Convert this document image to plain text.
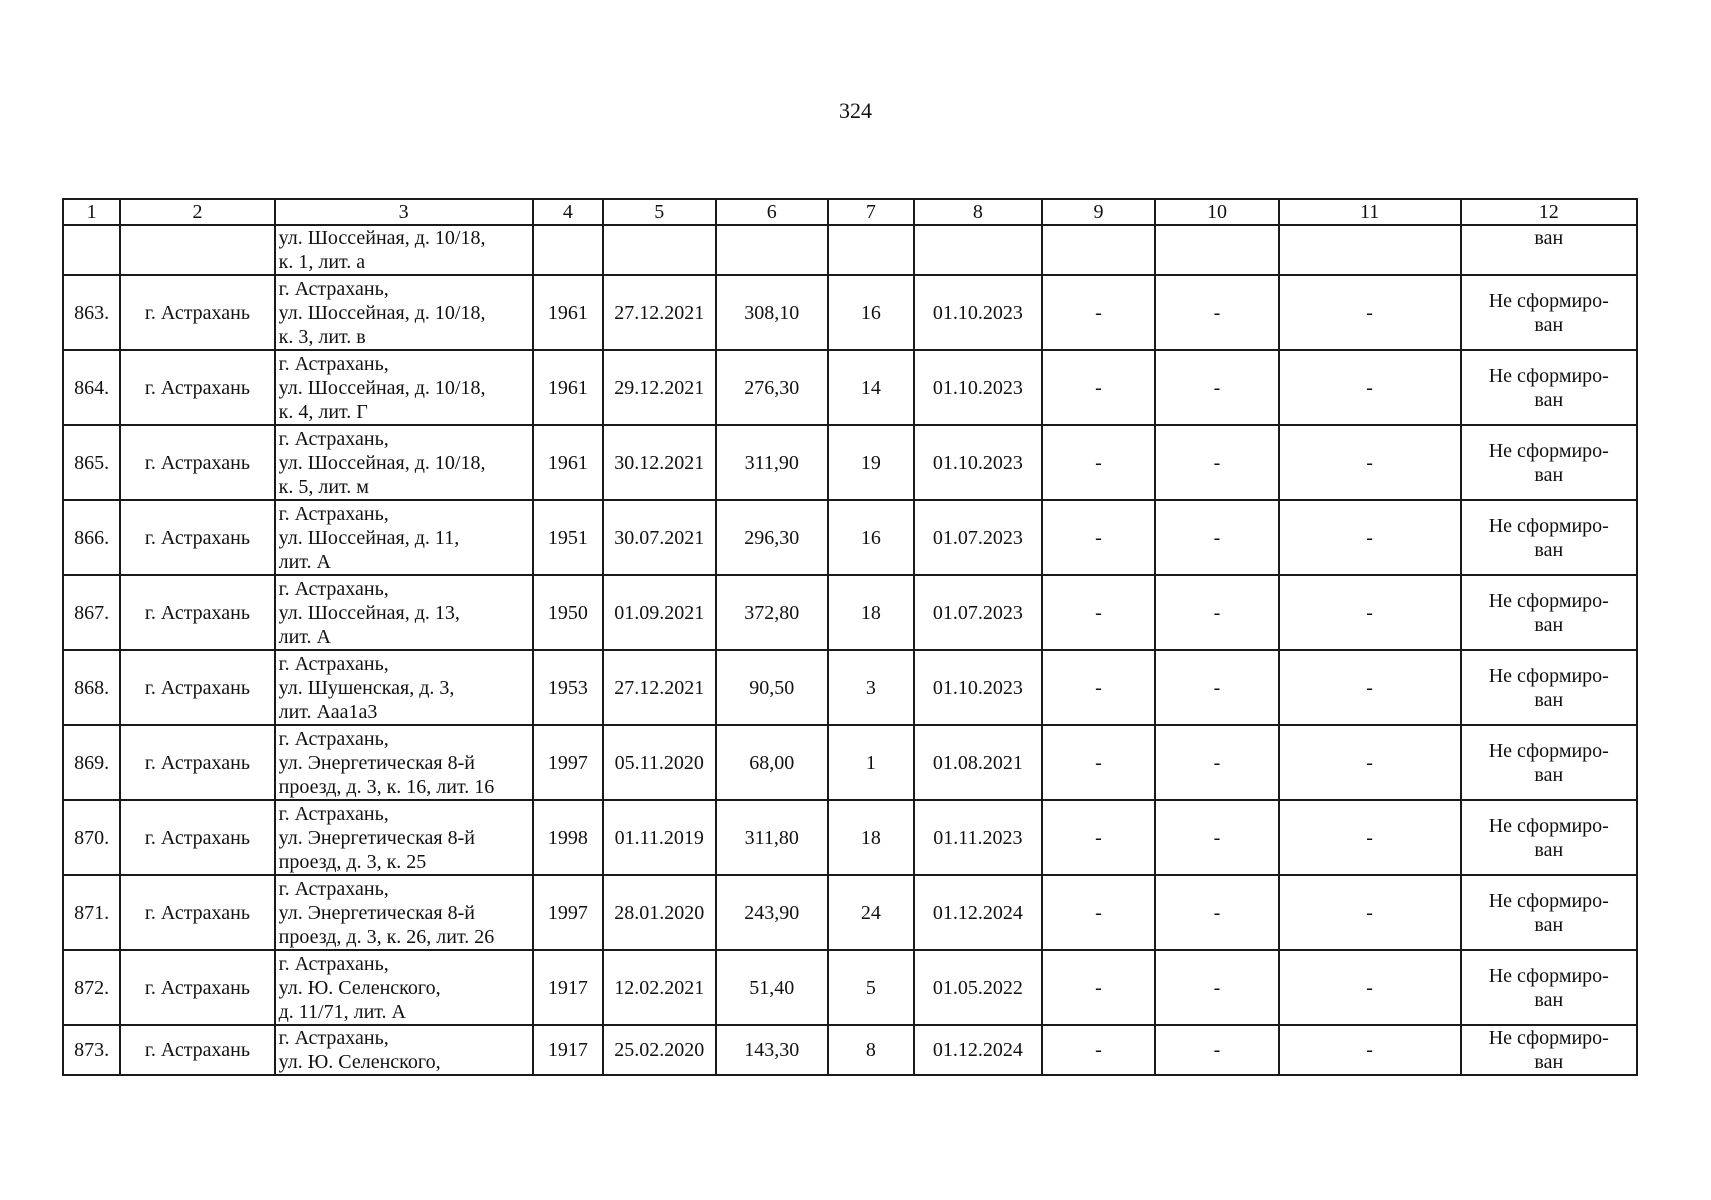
324
1	2	3	4	5	6	7	8	9	10	11	12

		ул. Шоссейная, д. 10/18,
к. 1, лит. а									ван

863.	г. Астрахань	г. Астрахань,
ул. Шоссейная, д. 10/18,
к. 3, лит. в	1961	27.12.2021	308,10	16	01.10.2023	-	-	-	Не сформиро-
ван

864.	г. Астрахань	г. Астрахань,
ул. Шоссейная, д. 10/18,
к. 4, лит. Г	1961	29.12.2021	276,30	14	01.10.2023	-	-	-	Не сформиро-
ван

865.	г. Астрахань	г. Астрахань,
ул. Шоссейная, д. 10/18,
к. 5, лит. м	1961	30.12.2021	311,90	19	01.10.2023	-	-	-	Не сформиро-
ван

866.	г. Астрахань	г. Астрахань,
ул. Шоссейная, д. 11,
лит. А	1951	30.07.2021	296,30	16	01.07.2023	-	-	-	Не сформиро-
ван

867.	г. Астрахань	г. Астрахань,
ул. Шоссейная, д. 13,
лит. А	1950	01.09.2021	372,80	18	01.07.2023	-	-	-	Не сформиро-
ван

868.	г. Астрахань	г. Астрахань,
ул. Шушенская, д. 3,
лит. Ааа1а3	1953	27.12.2021	90,50	3	01.10.2023	-	-	-	Не сформиро-
ван

869.	г. Астрахань	г. Астрахань,
ул. Энергетическая 8-й
проезд, д. 3, к. 16, лит. 16	1997	05.11.2020	68,00	1	01.08.2021	-	-	-	Не сформиро-
ван

870.	г. Астрахань	г. Астрахань,
ул. Энергетическая 8-й
проезд, д. 3, к. 25	1998	01.11.2019	311,80	18	01.11.2023	-	-	-	Не сформиро-
ван

871.	г. Астрахань	г. Астрахань,
ул. Энергетическая 8-й
проезд, д. 3, к. 26, лит. 26	1997	28.01.2020	243,90	24	01.12.2024	-	-	-	Не сформиро-
ван

872.	г. Астрахань	г. Астрахань,
ул. Ю. Селенского,
д. 11/71, лит. А	1917	12.02.2021	51,40	5	01.05.2022	-	-	-	Не сформиро-
ван

873.	г. Астрахань	г. Астрахань,
ул. Ю. Селенского,	1917	25.02.2020	143,30	8	01.12.2024	-	-	-	Не сформиро-
ван
